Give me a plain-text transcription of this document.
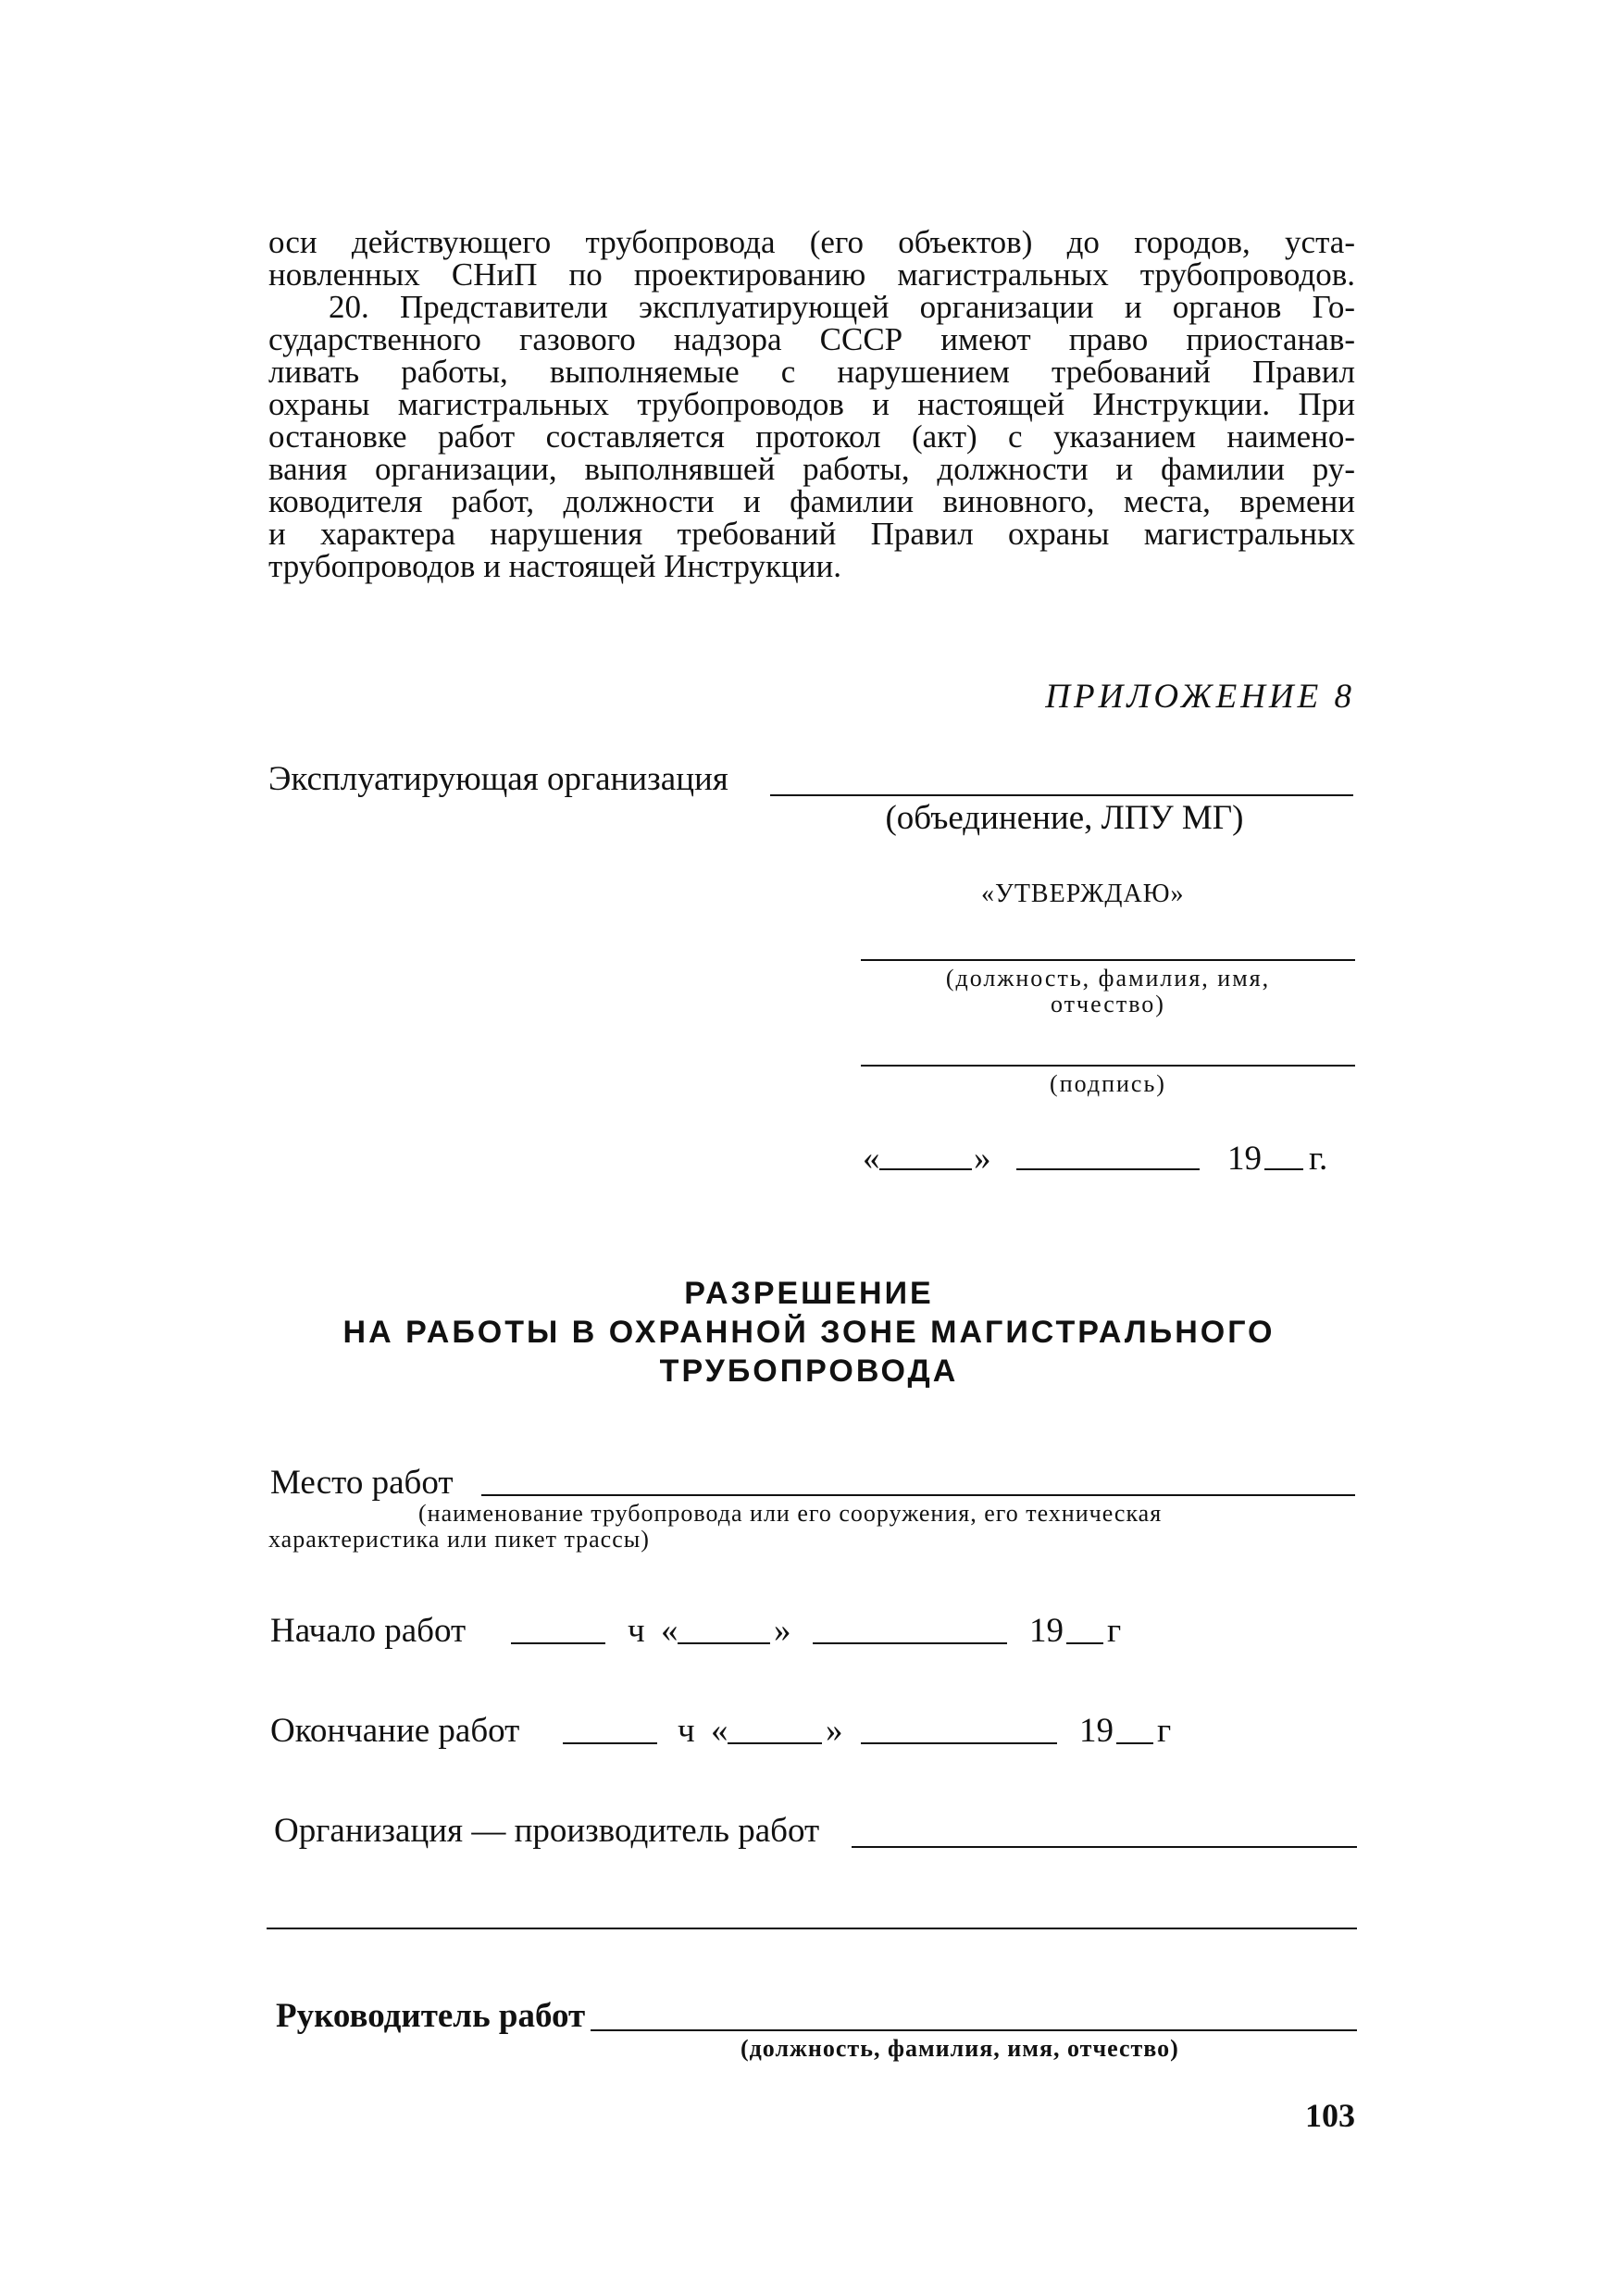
оси действующего трубопровода (его объектов) до городов, уста-
новленных СНиП по проектированию магистральных трубопроводов.
20. Представители эксплуатирующей организации и органов Го-
сударственного газового надзора СССР имеют право приостанав-
ливать работы, выполняемые с нарушением требований Правил
охраны магистральных трубопроводов и настоящей Инструкции. При
остановке работ составляется протокол (акт) с указанием наимено-
вания организации, выполнявшей работы, должности и фамилии ру-
ководителя работ, должности и фамилии виновного, места, времени
и характера нарушения требований Правил охраны магистральных
трубопроводов и настоящей Инструкции.
ПРИЛОЖЕНИЕ 8
Эксплуатирующая организация
(объединение, ЛПУ МГ)
«УТВЕРЖДАЮ»
(должность, фамилия, имя,
отчество)
(подпись)
«	»	19 г.
РАЗРЕШЕНИЕ
НА РАБОТЫ В ОХРАННОЙ ЗОНЕ МАГИСТРАЛЬНОГО
ТРУБОПРОВОДА
Место работ
(наименование трубопровода или его сооружения, его техническая
характеристика или пикет трассы)
Начало работ	ч «	»	19 г
Окончание работ	ч «	»	19 г
Организация — производитель работ
Руководитель работ
(должность, фамилия, имя, отчество)
103
